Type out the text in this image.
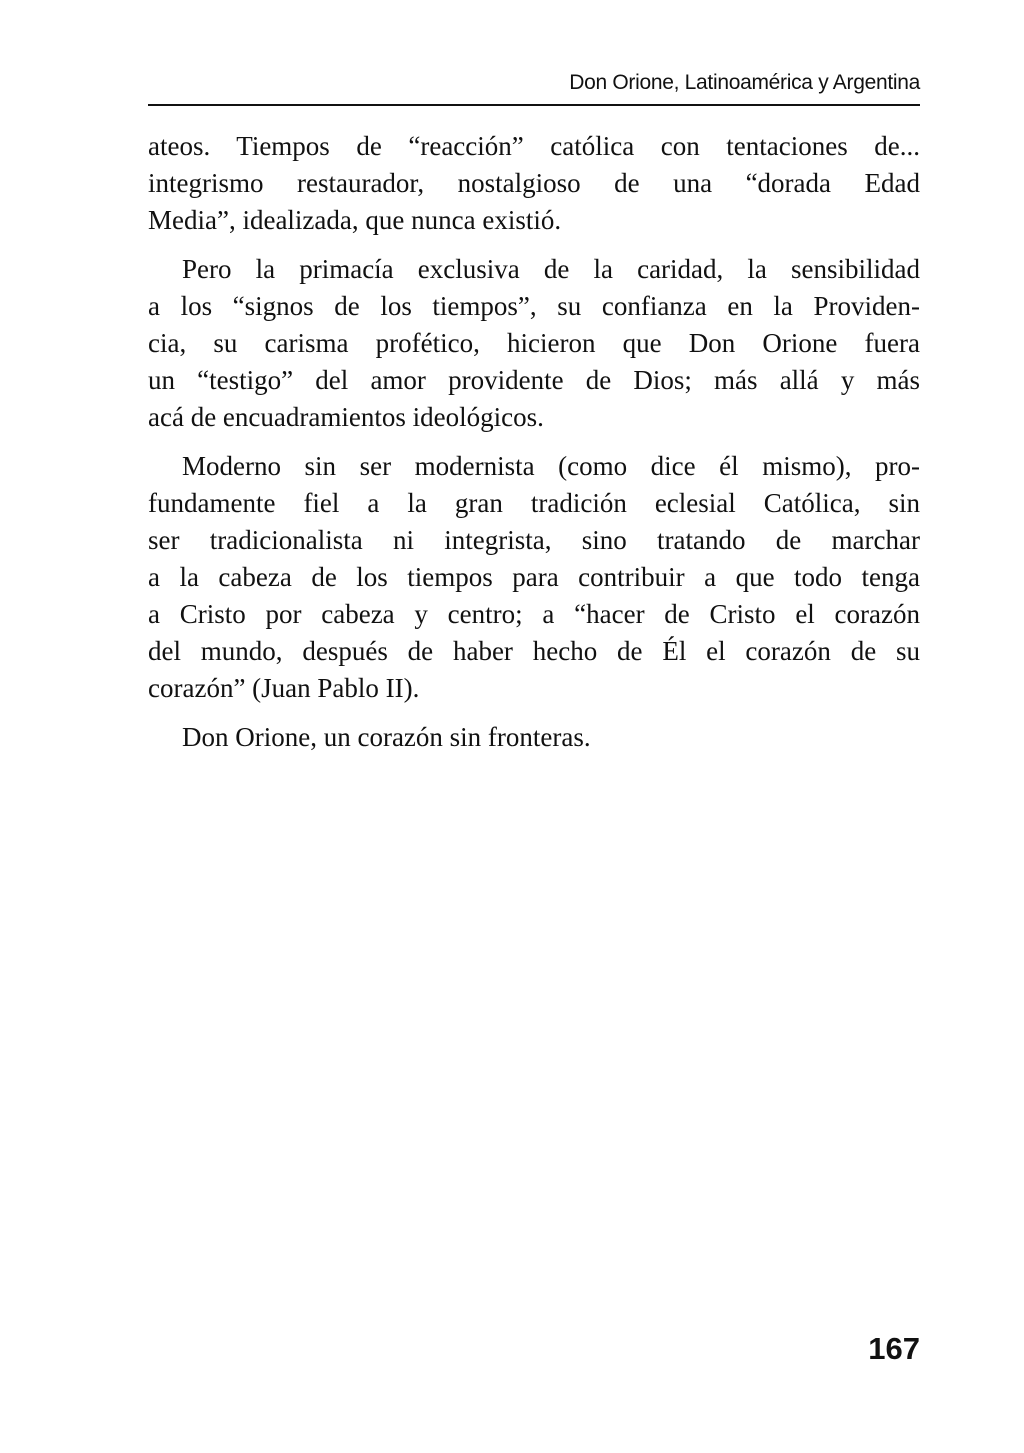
Don Orione, Latinoamérica y Argentina

ateos. Tiempos de “reacción” católica con tentaciones de...
integrismo restaurador, nostalgioso de una “dorada Edad
Media”, idealizada, que nunca existió.

Pero la primacía exclusiva de la caridad, la sensibilidad
a los “signos de los tiempos”, su confianza en la Providen-
cia, su carisma profético, hicieron que Don Orione fuera
un “testigo” del amor providente de Dios; más allá y más
acá de encuadramientos ideológicos.

Moderno sin ser modernista (como dice él mismo), pro-
fundamente fiel a la gran tradición eclesial Católica, sin
ser tradicionalista ni integrista, sino tratando de marchar
a la cabeza de los tiempos para contribuir a que todo tenga
a Cristo por cabeza y centro; a “hacer de Cristo el corazón
del mundo, después de haber hecho de Él el corazón de su
corazón” (Juan Pablo II).

Don Orione, un corazón sin fronteras.

167
